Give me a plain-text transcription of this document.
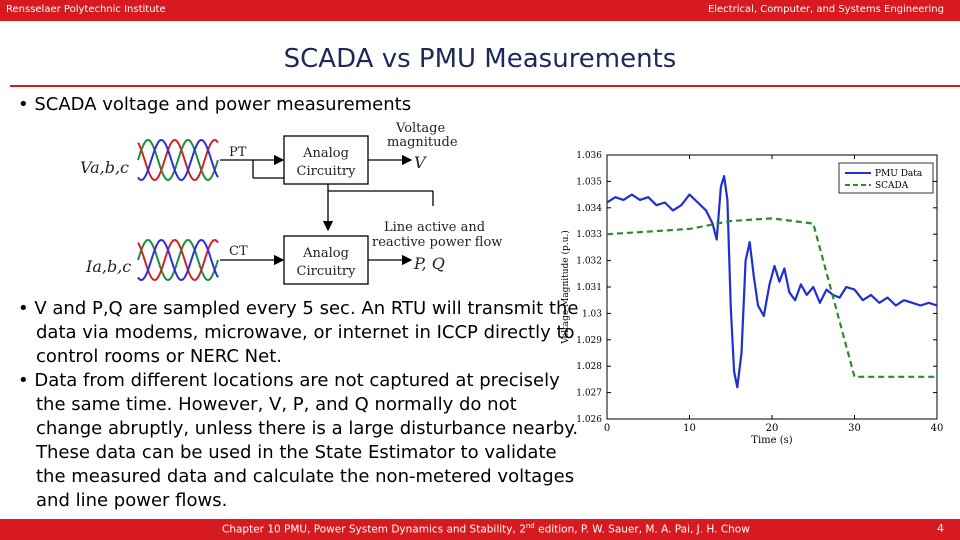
Rensselaer Polytechnic Institute	Electrical, Computer, and Systems Engineering
SCADA vs PMU Measurements
• SCADA voltage and power measurements
Va,b,c
Ia,b,c
PT
CT
Analog
Circuitry
Analog
Circuitry
Voltage
magnitude
V
Line active and
reactive power flow
P, Q
1.026
1.027
1.028
1.029
1.03
1.031
1.032
1.033
1.034
1.035
1.036
0	10	20	30	40
Time (s)
Voltage Magnitude (p.u.)
PMU Data
SCADA
• V and P,Q are sampled every 5 sec. An RTU will transmit the data via modems, microwave, or internet in ICCP directly to control rooms or NERC Net.
• Data from different locations are not captured at precisely the same time. However, V, P, and Q normally do not change abruptly, unless there is a large disturbance nearby. These data can be used in the State Estimator to validate the measured data and calculate the non-metered voltages and line power flows.
Chapter 10 PMU, Power System Dynamics and Stability, 2nd edition, P. W. Sauer, M. A. Pai, J. H. Chow	4
